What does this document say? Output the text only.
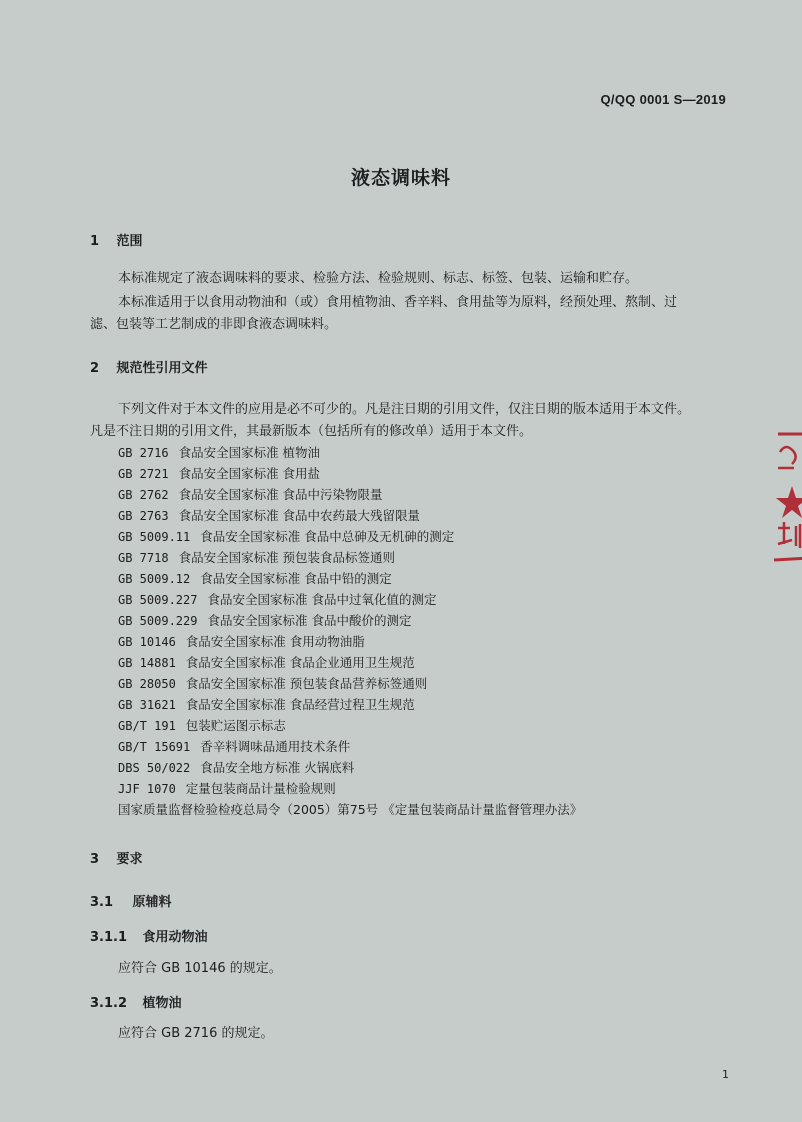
Q/QQ 0001 S—2019
液态调味料
1 范围
本标准规定了液态调味料的要求、检验方法、检验规则、标志、标签、包装、运输和贮存。
本标准适用于以食用动物油和（或）食用植物油、香辛料、食用盐等为原料，经预处理、熬制、过
滤、包装等工艺制成的非即食液态调味料。
2 规范性引用文件
下列文件对于本文件的应用是必不可少的。凡是注日期的引用文件，仅注日期的版本适用于本文件。
凡是不注日期的引用文件，其最新版本（包括所有的修改单）适用于本文件。
GB 2716 食品安全国家标准 植物油
GB 2721 食品安全国家标准 食用盐
GB 2762 食品安全国家标准 食品中污染物限量
GB 2763 食品安全国家标准 食品中农药最大残留限量
GB 5009.11 食品安全国家标准 食品中总砷及无机砷的测定
GB 7718 食品安全国家标准 预包装食品标签通则
GB 5009.12 食品安全国家标准 食品中铅的测定
GB 5009.227 食品安全国家标准 食品中过氧化值的测定
GB 5009.229 食品安全国家标准 食品中酸价的测定
GB 10146 食品安全国家标准 食用动物油脂
GB 14881 食品安全国家标准 食品企业通用卫生规范
GB 28050 食品安全国家标准 预包装食品营养标签通则
GB 31621 食品安全国家标准 食品经营过程卫生规范
GB/T 191 包装贮运图示标志
GB/T 15691 香辛料调味品通用技术条件
DBS 50/022 食品安全地方标准 火锅底料
JJF 1070 定量包装商品计量检验规则
国家质量监督检验检疫总局令（2005）第75号 《定量包装商品计量监督管理办法》
3 要求
3.1 原辅料
3.1.1 食用动物油
应符合 GB 10146 的规定。
3.1.2 植物油
应符合 GB 2716 的规定。
1
